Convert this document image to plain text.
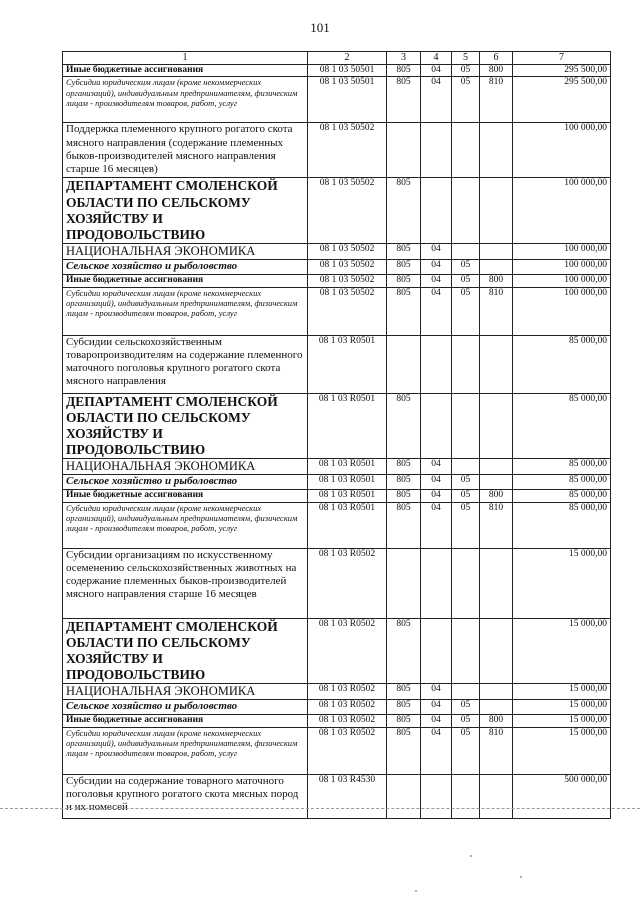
101
1	2	3	4	5	6	7
Иные бюджетные ассигнования	08 1 03 50501	805	04	05	800	295 500,00
Субсидии юридическим лицам (кроме некоммерческих организаций), индивидуальным предпринимателям, физическим лицам - производителям товаров, работ, услуг	08 1 03 50501	805	04	05	810	295 500,00
Поддержка племенного крупного рогатого скота мясного направления (содержание племенных быков-производителей мясного направления старше 16 месяцев)	08 1 03 50502					100 000,00
ДЕПАРТАМЕНТ СМОЛЕНСКОЙ ОБЛАСТИ ПО СЕЛЬСКОМУ ХОЗЯЙСТВУ И ПРОДОВОЛЬСТВИЮ	08 1 03 50502	805				100 000,00
НАЦИОНАЛЬНАЯ ЭКОНОМИКА	08 1 03 50502	805	04			100 000,00
Сельское хозяйство и рыболовство	08 1 03 50502	805	04	05		100 000,00
Иные бюджетные ассигнования	08 1 03 50502	805	04	05	800	100 000,00
Субсидии юридическим лицам (кроме некоммерческих организаций), индивидуальным предпринимателям, физическим лицам - производителям товаров, работ, услуг	08 1 03 50502	805	04	05	810	100 000,00
Субсидии сельскохозяйственным товаропроизводителям на содержание племенного маточного поголовья крупного рогатого скота мясного направления	08 1 03 R0501					85 000,00
ДЕПАРТАМЕНТ СМОЛЕНСКОЙ ОБЛАСТИ ПО СЕЛЬСКОМУ ХОЗЯЙСТВУ И ПРОДОВОЛЬСТВИЮ	08 1 03 R0501	805				85 000,00
НАЦИОНАЛЬНАЯ ЭКОНОМИКА	08 1 03 R0501	805	04			85 000,00
Сельское хозяйство и рыболовство	08 1 03 R0501	805	04	05		85 000,00
Иные бюджетные ассигнования	08 1 03 R0501	805	04	05	800	85 000,00
Субсидии юридическим лицам (кроме некоммерческих организаций), индивидуальным предпринимателям, физическим лицам - производителям товаров, работ, услуг	08 1 03 R0501	805	04	05	810	85 000,00
Субсидии организациям по искусственному осеменению сельскохозяйственных животных на содержание племенных быков-производителей мясного направления старше 16 месяцев	08 1 03 R0502					15 000,00
ДЕПАРТАМЕНТ СМОЛЕНСКОЙ ОБЛАСТИ ПО СЕЛЬСКОМУ ХОЗЯЙСТВУ И ПРОДОВОЛЬСТВИЮ	08 1 03 R0502	805				15 000,00
НАЦИОНАЛЬНАЯ ЭКОНОМИКА	08 1 03 R0502	805	04			15 000,00
Сельское хозяйство и рыболовство	08 1 03 R0502	805	04	05		15 000,00
Иные бюджетные ассигнования	08 1 03 R0502	805	04	05	800	15 000,00
Субсидии юридическим лицам (кроме некоммерческих организаций), индивидуальным предпринимателям, физическим лицам - производителям товаров, работ, услуг	08 1 03 R0502	805	04	05	810	15 000,00
Субсидии на содержание товарного маточного поголовья крупного рогатого скота мясных пород и их помесей	08 1 03 R4530					500 000,00
